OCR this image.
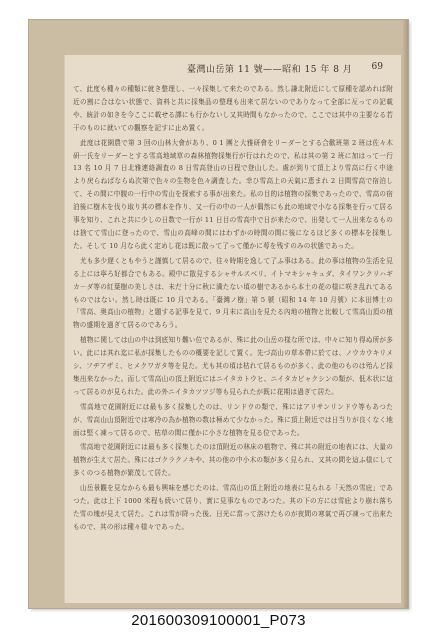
臺灣山岳第 11 號——昭和 15 年 8 月 69

て、此度も種々の種類に就き整理し、一々採集して来たのである。然し謙北附近にして原種を認めれば附近の割に合はない状態で、資料と共に採集品の整理も出来て居ないのでありなって全部に亙っての記載や、統計の如きを今ここに載せる譯にも行かないし又其時間もなかったので、ここでは其中の主要なる若干のものに就いての觀察を記すに止め置く。

此度は花園農で第 3 回の山林大會があり、0 1 團と大雅研會をリーダーとする合歡班第 2 班は佐々木研一氏をリーダーとする雪高地域草の森林植物採集行が行はれたので、私は其の第 2 班に加はって一行 13 名 10 月 7 日北雅連絡調査の 8 日雪高登山の日程で登山した。處が到りて頂上より雪高に行く中途より戻らねばならぬ次第で色々の生物を色々調査した。幸ひ雪高上の天氣に恵まれ 2 日間雪高で宿泊して、その間に中腹の一行中の雪山を探索する事が出来た。私の目的は植物の採集であったので、雪高の宿泊後に樹木を伐り取り其の標本を作り、又一行の中の一人が偶然にも此の地域で小なる採集を行って居る事を知り、これと共に少しの日数で一行が 11 日目の雪高中で日が来たので、出発して一人出来なるものは捨てて雪山に登ったので、雪山の高峰の間にはわずかの時間の間に後になるほど多くの標本を採集した。そして 10 月なら此く定めし花は既に散って了って僅かに萼を残すのみの状態であった。

尤も多少遅くともやうと謹慎して居るので、往々時期を逸して了ふ事はある。此の事は植物の生活を見る上には寧ろ好都合でもある。殿中に散見するシャサルスベリ、イトマキシャキュダ、タイワンクリハギカ－ダ等の紅葉樹の美しさは、未だ十分に秋に満たない頃の樹であるから本土の花の様に咲き乱れてあるものではない。然し時は既に 10 月である。「臺灣ノ樹」第 5 號（昭和 14 年 10 月號）に本田博士の「雪高、奥高山の植物」と題する記事を見て、9 月末に高山を見たる內地の植物と比較して雪高山頂の植物の盛期を過ぎて居るのであらう。

植物に関しては山の中は到底知り難い位であるが、殊に此の山岳の様な所では、中々に知り得ぬ所が多い。此には其れ迄に私が採集したものの概要を記して置く。先づ高山の草本帶に於ては、ノウカウキリメシ、フヂアザミ、ヒメクワガタ等を見た。尤も其の頃は枯れて居るものが多く、此の他のものは殆んど採集出来なかった。而して雪高山の頂上附近にはニイタカトウヒ、ニイタカビャクシンの類が、低木状に這って居るのが見られた。此の外ニイタカツツジ等も見られたが既に花期は過ぎて居た。

雪高地で花園附近には最も多く採集したのは、リンドウの類で、殊にはアリサンリンドウ等もあつたが、雪高山山頂附近では寒冷の為か植物の数は極めて少なかった。殊に頂上附近では日当りが良くなく地面は堅く凍って居るので、枯草の間に僅かに小さな植物を見る位であった。

雪高地で花園附近には最も多く採集したのは頂附近の林床の植物で、殊に其の附近の地表には、大量の植物が生えて居た。殊にはゴクラクノキや、其の他の中小木の類が多く見られ、又其の間を這ふ様にして多くのつる植物が繁茂して居た。

山岳景觀を見なからも最も興味を感じたのは、雪高山の頂上附近の地表に見られる「天然の雪庇」であつた。此は上下 1000 米程も続いて居り、實に見事なものであつた。其の下の方には雪庇より崩れ落ちた雪の塊が見えて居た。これは雪が降った後、日光に當って溶けたものが夜間の寒氣で再び凍って出來たもので、其の形は種々様々であった。

201600309100001_P073
